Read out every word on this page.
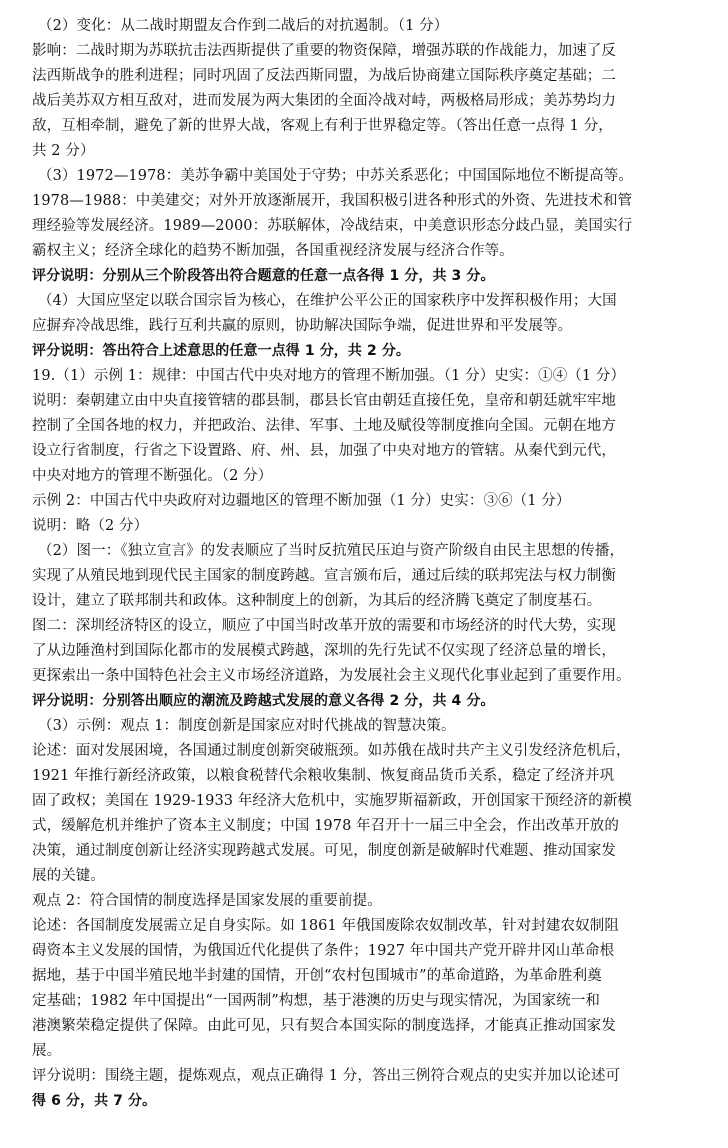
（2）变化：从二战时期盟友合作到二战后的对抗遏制。（1 分）
影响：二战时期为苏联抗击法西斯提供了重要的物资保障，增强苏联的作战能力，加速了反
法西斯战争的胜利进程；同时巩固了反法西斯同盟，为战后协商建立国际秩序奠定基础；二
战后美苏双方相互敌对，进而发展为两大集团的全面冷战对峙，两极格局形成；美苏势均力
敌，互相牵制，避免了新的世界大战，客观上有利于世界稳定等。（答出任意一点得 1 分，
共 2 分）
（3）1972—1978：美苏争霸中美国处于守势；中苏关系恶化；中国国际地位不断提高等。
1978—1988：中美建交；对外开放逐渐展开，我国积极引进各种形式的外资、先进技术和管
理经验等发展经济。1989—2000：苏联解体，冷战结束，中美意识形态分歧凸显，美国实行
霸权主义；经济全球化的趋势不断加强，各国重视经济发展与经济合作等。
评分说明：分别从三个阶段答出符合题意的任意一点各得 1 分，共 3 分。
（4）大国应坚定以联合国宗旨为核心，在维护公平公正的国家秩序中发挥积极作用；大国
应摒弃冷战思维，践行互利共赢的原则，协助解决国际争端，促进世界和平发展等。
评分说明：答出符合上述意思的任意一点得 1 分，共 2 分。
19.（1）示例 1：规律：中国古代中央对地方的管理不断加强。（1 分）史实：①④（1 分）
说明：秦朝建立由中央直接管辖的郡县制，郡县长官由朝廷直接任免，皇帝和朝廷就牢牢地
控制了全国各地的权力，并把政治、法律、军事、土地及赋役等制度推向全国。元朝在地方
设立行省制度，行省之下设置路、府、州、县，加强了中央对地方的管辖。从秦代到元代，
中央对地方的管理不断强化。（2 分）
示例 2：中国古代中央政府对边疆地区的管理不断加强（1 分）史实：③⑥（1 分）
说明：略（2 分）
（2）图一：《独立宣言》的发表顺应了当时反抗殖民压迫与资产阶级自由民主思想的传播，
实现了从殖民地到现代民主国家的制度跨越。宣言颁布后，通过后续的联邦宪法与权力制衡
设计，建立了联邦制共和政体。这种制度上的创新，为其后的经济腾飞奠定了制度基石。
图二：深圳经济特区的设立，顺应了中国当时改革开放的需要和市场经济的时代大势，实现
了从边陲渔村到国际化都市的发展模式跨越，深圳的先行先试不仅实现了经济总量的增长，
更探索出一条中国特色社会主义市场经济道路，为发展社会主义现代化事业起到了重要作用。
评分说明：分别答出顺应的潮流及跨越式发展的意义各得 2 分，共 4 分。
（3）示例：观点 1：制度创新是国家应对时代挑战的智慧决策。
论述：面对发展困境，各国通过制度创新突破瓶颈。如苏俄在战时共产主义引发经济危机后，
1921 年推行新经济政策，以粮食税替代余粮收集制、恢复商品货币关系，稳定了经济并巩
固了政权；美国在 1929-1933 年经济大危机中，实施罗斯福新政，开创国家干预经济的新模
式，缓解危机并维护了资本主义制度；中国 1978 年召开十一届三中全会，作出改革开放的
决策，通过制度创新让经济实现跨越式发展。可见，制度创新是破解时代难题、推动国家发
展的关键。
观点 2：符合国情的制度选择是国家发展的重要前提。
论述：各国制度发展需立足自身实际。如 1861 年俄国废除农奴制改革，针对封建农奴制阻
碍资本主义发展的国情，为俄国近代化提供了条件；1927 年中国共产党开辟井冈山革命根
据地，基于中国半殖民地半封建的国情，开创“农村包围城市”的革命道路，为革命胜利奠
定基础；1982 年中国提出“一国两制”构想，基于港澳的历史与现实情况，为国家统一和
港澳繁荣稳定提供了保障。由此可见，只有契合本国实际的制度选择，才能真正推动国家发
展。
评分说明：围绕主题，提炼观点，观点正确得 1 分，答出三例符合观点的史实并加以论述可
得 6 分，共 7 分。
